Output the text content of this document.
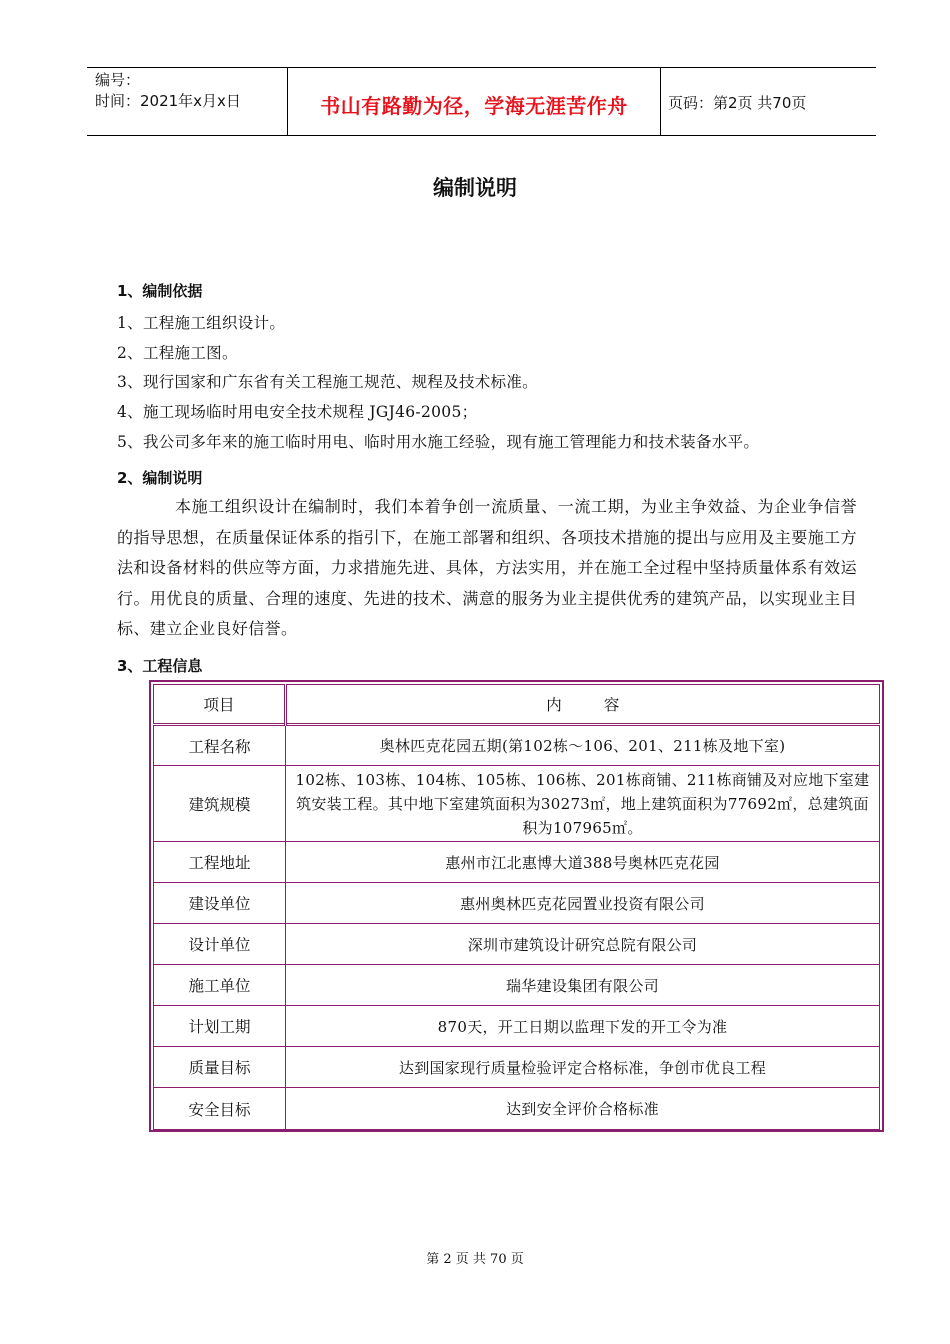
编号：
时间：2021年x月x日	书山有路勤为径，学海无涯苦作舟	页码：第2页 共70页
编制说明
1、编制依据
1、工程施工组织设计。
2、工程施工图。
3、现行国家和广东省有关工程施工规范、规程及技术标准。
4、施工现场临时用电安全技术规程 JGJ46-2005；
5、我公司多年来的施工临时用电、临时用水施工经验，现有施工管理能力和技术装备水平。
2、编制说明
本施工组织设计在编制时，我们本着争创一流质量、一流工期，为业主争效益、为企业争信誉的指导思想，在质量保证体系的指引下，在施工部署和组织、各项技术措施的提出与应用及主要施工方法和设备材料的供应等方面，力求措施先进、具体，方法实用，并在施工全过程中坚持质量体系有效运行。用优良的质量、合理的速度、先进的技术、满意的服务为业主提供优秀的建筑产品，以实现业主目标、建立企业良好信誉。
3、工程信息
项目	内        容
工程名称	奥林匹克花园五期(第102栋～106、201、211栋及地下室)
建筑规模	102栋、103栋、104栋、105栋、106栋、201栋商铺、211栋商铺及对应地下室建筑安装工程。其中地下室建筑面积为30273㎡，地上建筑面积为77692㎡，总建筑面积为107965㎡。

工程地址	惠州市江北惠博大道388号奥林匹克花园
建设单位	惠州奥林匹克花园置业投资有限公司
设计单位	深圳市建筑设计研究总院有限公司
施工单位	瑞华建设集团有限公司
计划工期	870天，开工日期以监理下发的开工令为准
质量目标	达到国家现行质量检验评定合格标准，争创市优良工程
安全目标	达到安全评价合格标准
第 2 页 共 70 页
